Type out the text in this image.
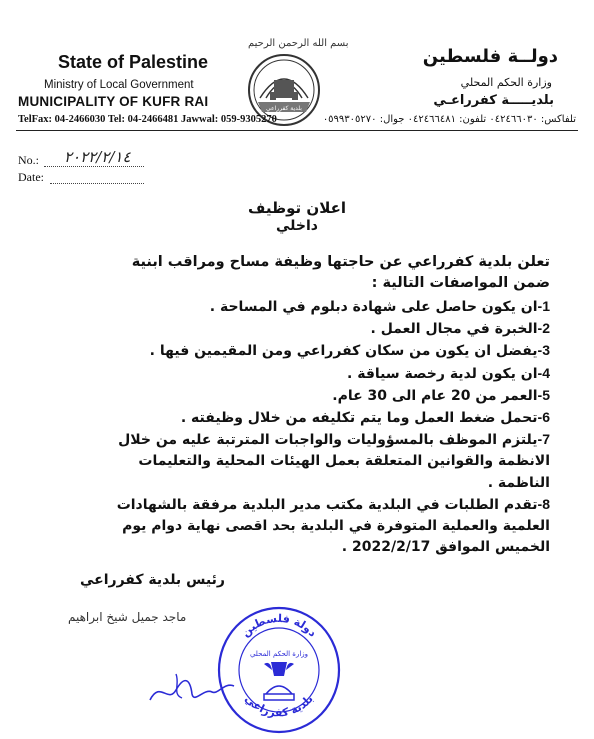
بسم الله الرحمن الرحيم
بلدية كفرراعي
State of Palestine
Ministry of Local Government
MUNICIPALITY OF KUFR RAI
دولــة فلسطين
وزارة الحكم المحلي
بلديـــــة كفرراعـي
TelFax: 04-2466030 Tel: 04-2466481 Jawwal: 059-9305270	تلفاكس: ٠٤٢٤٦٦٠٣٠ تلفون: ٠٤٢٤٦٦٤٨١ جوال: ٠٥٩٩٣٠٥٢٧٠
No.: ٢٠٢٢/٢/١٤
Date:
اعلان توظيف
داخلي
تعلن بلدية كفرراعي عن حاجتها وظيفة مساح ومراقب ابنية ضمن المواصفات التالية :
1-ان يكون حاصل على شهادة دبلوم في المساحة .
2-الخبرة في مجال العمل .
3-يفضل ان يكون من سكان كفرراعي ومن المقيمين فيها .
4-ان يكون لدية رخصة سياقة .
5-العمر من 20 عام الى 30 عام.
6-تحمل ضغط العمل وما يتم تكليفه من خلال وظيفته .
7-يلتزم الموظف بالمسؤوليات والواجبات المترتبة عليه من خلال الانظمة والقوانين المتعلقة بعمل الهيئات المحلية والتعليمات الناظمة .
8-تقدم الطلبات في البلدية مكتب مدير البلدية مرفقة بالشهادات العلمية والعملية المتوفرة في البلدية بحد اقصى نهاية دوام يوم الخميس الموافق 2022/2/17 .
رئيس بلدية كفرراعي
ماجد جميل شيخ ابراهيم
دولة فلسطين
بلدية كفرراعي
وزارة الحكم المحلي
